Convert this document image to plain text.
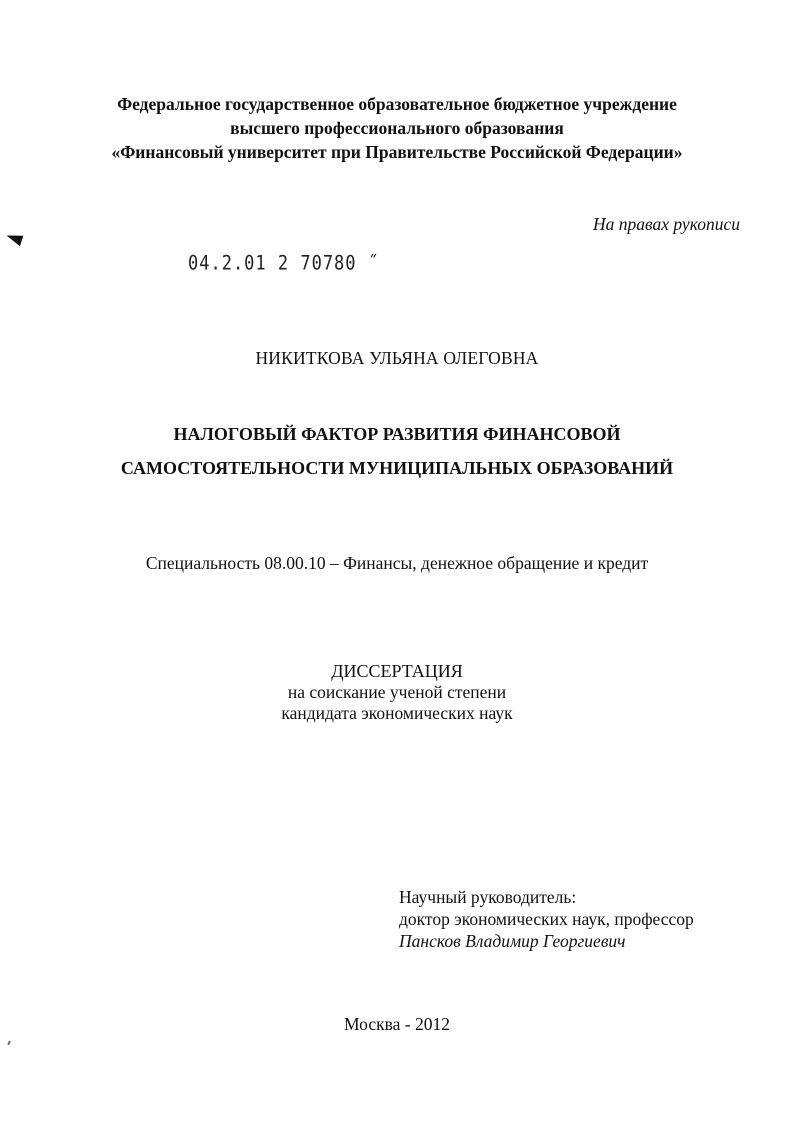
Федеральное государственное образовательное бюджетное учреждение
высшего профессионального образования
«Финансовый университет при Правительстве Российской Федерации»
На правах рукописи
04.2.01 2 70780 ˝
НИКИТКОВА УЛЬЯНА ОЛЕГОВНА
НАЛОГОВЫЙ ФАКТОР РАЗВИТИЯ ФИНАНСОВОЙ
САМОСТОЯТЕЛЬНОСТИ МУНИЦИПАЛЬНЫХ ОБРАЗОВАНИЙ
Специальность 08.00.10 – Финансы, денежное обращение и кредит
ДИССЕРТАЦИЯ
на соискание ученой степени
кандидата экономических наук
Научный руководитель:
доктор экономических наук, профессор
Пансков Владимир Георгиевич
Москва - 2012
